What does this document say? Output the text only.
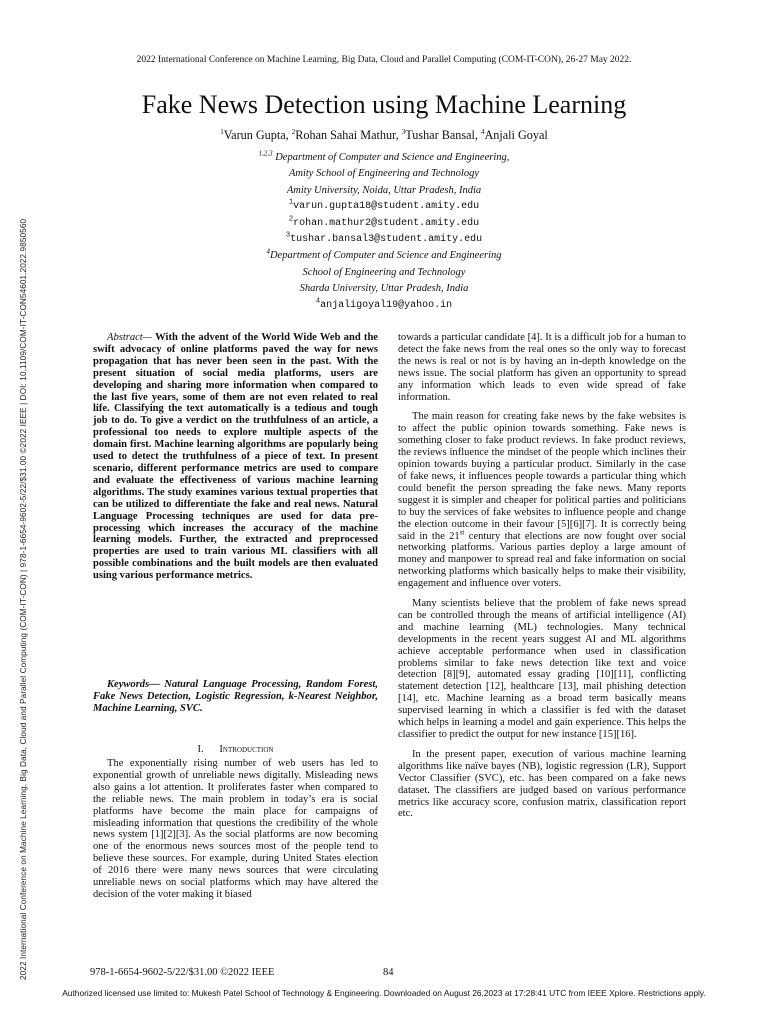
2022 International Conference on Machine Learning, Big Data, Cloud and Parallel Computing (COM-IT-CON), 26-27 May 2022.
2022 International Conference on Machine Learning, Big Data, Cloud and Parallel Computing (COM-IT-CON) | 978-1-6654-9602-5/22/$31.00 ©2022 IEEE | DOI: 10.1109/COM-IT-CON54601.2022.9850560
Fake News Detection using Machine Learning
$^1$Varun Gupta, $^2$Rohan Sahai Mathur, $^3$Tushar Bansal, $^4$Anjali Goyal
$^{1,2,3}$ Department of Computer and Science and Engineering,
Amity School of Engineering and Technology
Amity University, Noida, Uttar Pradesh, India
$^1$varun.gupta18@student.amity.edu
$^2$rohan.mathur2@student.amity.edu
$^3$tushar.bansal3@student.amity.edu
$^4$Department of Computer and Science and Engineering
School of Engineering and Technology
Sharda University, Uttar Pradesh, India
$^4$anjaligoyal19@yahoo.in
Abstract— With the advent of the World Wide Web and the swift advocacy of online platforms paved the way for news propagation that has never been seen in the past. With the present situation of social media platforms, users are developing and sharing more information when compared to the last five years, some of them are not even related to real life. Classifying the text automatically is a tedious and tough job to do. To give a verdict on the truthfulness of an article, a professional too needs to explore multiple aspects of the domain first. Machine learning algorithms are popularly being used to detect the truthfulness of a piece of text. In present scenario, different performance metrics are used to compare and evaluate the effectiveness of various machine learning algorithms. The study examines various textual properties that can be utilized to differentiate the fake and real news. Natural Language Processing techniques are used for data pre-processing which increases the accuracy of the machine learning models. Further, the extracted and preprocessed properties are used to train various ML classifiers with all possible combinations and the built models are then evaluated using various performance metrics.
Keywords— Natural Language Processing, Random Forest, Fake News Detection, Logistic Regression, k-Nearest Neighbor, Machine Learning, SVC.
I. Introduction

The exponentially rising number of web users has led to exponential growth of unreliable news digitally. Misleading news also gains a lot attention. It proliferates faster when compared to the reliable news. The main problem in today’s era is social platforms have become the main place for campaigns of misleading information that questions the credibility of the whole news system [1][2][3]. As the social platforms are now becoming one of the enormous news sources most of the people tend to believe these sources. For example, during United States election of 2016 there were many news sources that were circulating unreliable news on social platforms which may have altered the decision of the voter making it biased

towards a particular candidate [4]. It is a difficult job for a human to detect the fake news from the real ones so the only way to forecast the news is real or not is by having an in-depth knowledge on the news issue. The social platform has given an opportunity to spread any information which leads to even wide spread of fake information.

The main reason for creating fake news by the fake websites is to affect the public opinion towards something. Fake news is something closer to fake product reviews. In fake product reviews, the reviews influence the mindset of the people which inclines their opinion towards buying a particular product. Similarly in the case of fake news, it influences people towards a particular thing which could benefit the person spreading the fake news. Many reports suggest it is simpler and cheaper for political parties and politicians to buy the services of fake websites to influence people and change the election outcome in their favour [5][6][7]. It is correctly being said in the 21st century that elections are now fought over social networking platforms. Various parties deploy a large amount of money and manpower to spread real and fake information on social networking platforms which basically helps to make their visibility, engagement and influence over voters.

Many scientists believe that the problem of fake news spread can be controlled through the means of artificial intelligence (AI) and machine learning (ML) technologies. Many technical developments in the recent years suggest AI and ML algorithms achieve acceptable performance when used in classification problems similar to fake news detection like text and voice detection [8][9], automated essay grading [10][11], conflicting statement detection [12], healthcare [13], mail phishing detection [14], etc. Machine learning as a broad term basically means supervised learning in which a classifier is fed with the dataset which helps in learning a model and gain experience. This helps the classifier to predict the output for new instance [15][16].

In the present paper, execution of various machine learning algorithms like naïve bayes (NB), logistic regression (LR), Support Vector Classifier (SVC), etc. has been compared on a fake news dataset. The classifiers are judged based on various performance metrics like accuracy score, confusion matrix, classification report etc.

978-1-6654-9602-5/22/$31.00 ©2022 IEEE	84
Authorized licensed use limited to: Mukesh Patel School of Technology & Engineering. Downloaded on August 26,2023 at 17:28:41 UTC from IEEE Xplore. Restrictions apply.
